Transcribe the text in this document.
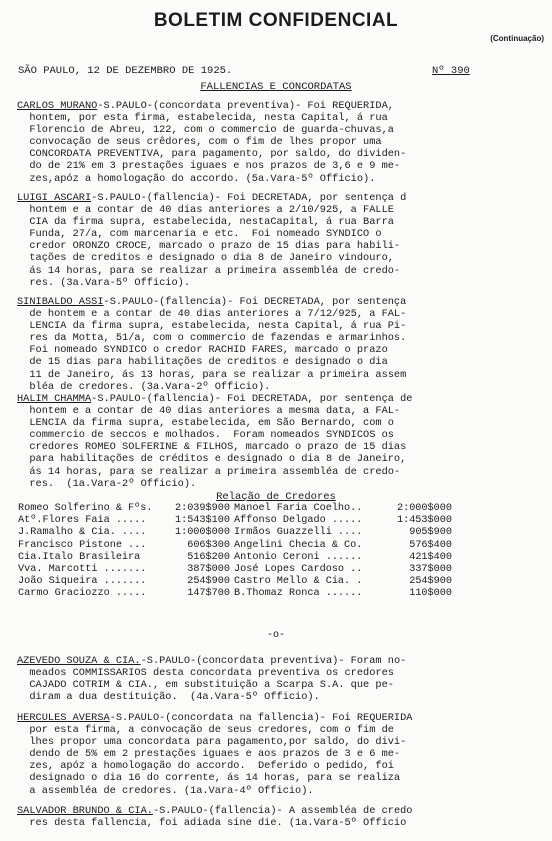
BOLETIM CONFIDENCIAL
(Continuação)
SÃO PAULO, 12 DE DEZEMBRO DE 1925.	Nº 390
FALLENCIAS E CONCORDATAS

CARLOS MURANO-S.PAULO-(concordata preventiva)- Foi REQUERIDA,
hontem, por esta firma, estabelecida, nesta Capital, á rua
Florencio de Abreu, 122, com o commercio de guarda-chuvas,a
convocação de seus crêdores, com o fim de lhes propor uma
CONCORDATA PREVENTIVA, para pagamento, por saldo, do dividen-
do de 21% em 3 prestações iguaes e nos prazos de 3,6 e 9 me-
zes,apóz a homologação do accordo. (5a.Vara-5º Officio).

LUIGI ASCARI-S.PAULO-(fallencia)- Foi DECRETADA, por sentença d
hontem e a contar de 40 dias anteriores a 2/10/925, a FALLE
CIA da firma supra, estabelecida, nestaCapital, á rua Barra
Funda, 27/a, com marcenaria e etc.  Foi nomeado SYNDICO o
credor ORONZO CROCE, marcado o prazo de 15 dias para habili-
tações de creditos e designado o dia 8 de Janeiro vindouro,
ás 14 horas, para se realizar a primeira assembléa de credo-
res. (3a.Vara-5º Officio).

SINIBALDO ASSI-S.PAULO-(fallencia)- Foi DECRETADA, por sentença
de hontem e a contar de 40 dias anteriores a 7/12/925, a FAL-
LENCIA da firma supra, estabelecida, nesta Capital, á rua Pi-
res da Motta, 51/a, com o commercio de fazendas e armarinhos.
Foi nomeado SYNDICO o credor RACHID FARES, marcado o prazo
de 15 dias para habilitações de creditos e designado o dia
11 de Janeiro, ás 13 horas, para se realizar a primeira assem
bléa de credores. (3a.Vara-2º Officio).

HALIM CHAMMA-S.PAULO-(fallencia)- Foi DECRETADA, por sentença de
hontem e a contar de 40 dias anteriores a mesma data, a FAL-
LENCIA da firma supra, estabelecida, em São Bernardo, com o
commercio de seccos e molhados.  Foram nomeados SYNDICOS os
credores ROMEO SOLFERINE & FILHOS, marcado o prazo de 15 dias
para habilitações de créditos e designado o dia 8 de Janeiro,
ás 14 horas, para se realizar a primeira assembléa de credo-
res.  (1a.Vara-2º Officio).

Relação de Credores
Romeo Solferino & Fºs.	2:039$900	Manoel Faria Coelho..	2:000$000
Atº.Flores Faia .....	1:543$100	Affonso Delgado .....	1:453$000
J.Ramalho & Cia. ....	1:000$000	Irmãos Guazzelli ....	905$900
Francisco Pistone ...	606$300	Angelini Checia & Co.	576$400
Cia.Italo Brasileira	516$200	Antonio Ceroni ......	421$400
Vva. Marcotti .......	387$000	José Lopes Cardoso ..	337$000
João Siqueira .......	254$900	Castro Mello & Cia. .	254$900
Carmo Graciozzo .....	147$700	B.Thomaz Ronca ......	110$000
-o-

AZEVEDO SOUZA & CIA.-S.PAULO-(concordata preventiva)- Foram no-
meados COMMISSARIOS desta concordata preventiva os credores
CAJADO COTRIM & CIA., em substituição a Scarpa S.A. que pe-
diram a dua destituição.  (4a.Vara-5º Officio).

HERCULES AVERSA-S.PAULO-(concordata na fallencia)- Foi REQUERIDA
por esta firma, a convocação de seus credores, com o fim de
lhes propor uma concordata para pagamento,por saldo, do divi-
dendo de 5% em 2 prestações iguaes e aos prazos de 3 e 6 me-
zes, apóz a homologação do accordo.  Deferido o pedido, foi
designado o dia 16 do corrente, ás 14 horas, para se realiza
a assembléa de credores. (1a.Vara-4º Officio).

SALVADOR BRUNDO & CIA.-S.PAULO-(fallencia)- A assembléa de credo
res desta fallencia, foi adiada sine die. (1a.Vara-5º Officio
